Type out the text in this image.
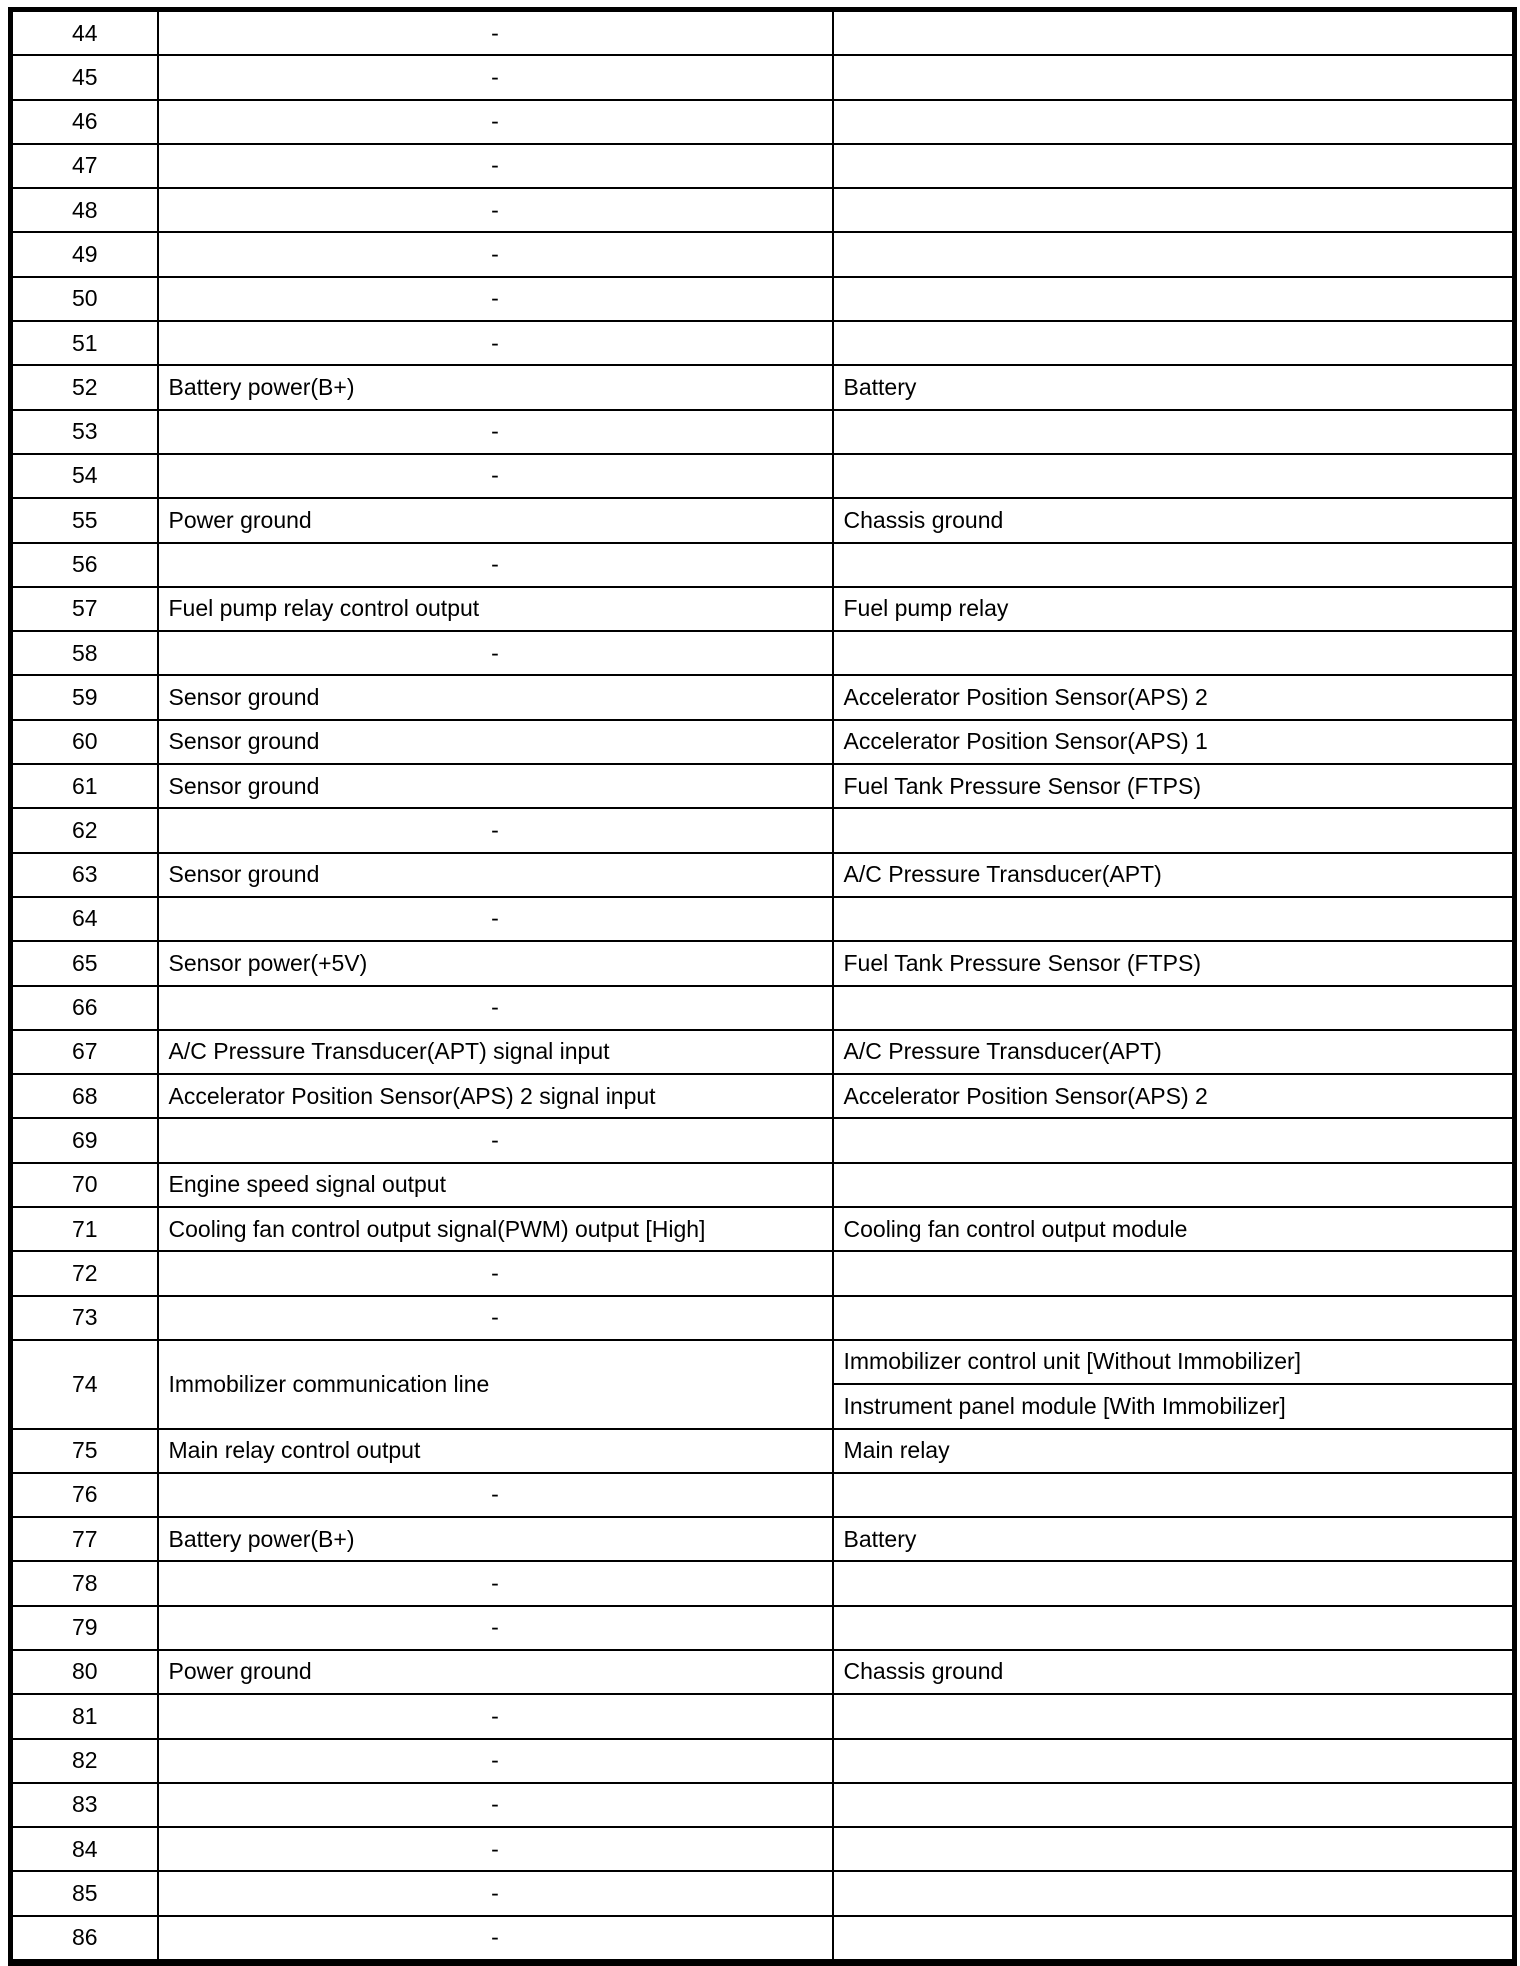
44	-	
45	-	
46	-	
47	-	
48	-	
49	-	
50	-	
51	-	
52	Battery power(B+)	Battery
53	-	
54	-	
55	Power ground	Chassis ground
56	-	
57	Fuel pump relay control output	Fuel pump relay
58	-	
59	Sensor ground	Accelerator Position Sensor(APS) 2
60	Sensor ground	Accelerator Position Sensor(APS) 1
61	Sensor ground	Fuel Tank Pressure Sensor (FTPS)
62	-	
63	Sensor ground	A/C Pressure Transducer(APT)
64	-	
65	Sensor power(+5V)	Fuel Tank Pressure Sensor (FTPS)
66	-	
67	A/C Pressure Transducer(APT) signal input	A/C Pressure Transducer(APT)
68	Accelerator Position Sensor(APS) 2 signal input	Accelerator Position Sensor(APS) 2
69	-	
70	Engine speed signal output	
71	Cooling fan control output signal(PWM) output [High]	Cooling fan control output module
72	-	
73	-	
74	Immobilizer communication line	Immobilizer control unit [Without Immobilizer]
		Instrument panel module [With Immobilizer]
75	Main relay control output	Main relay
76	-	
77	Battery power(B+)	Battery
78	-	
79	-	
80	Power ground	Chassis ground
81	-	
82	-	
83	-	
84	-	
85	-	
86	-	
